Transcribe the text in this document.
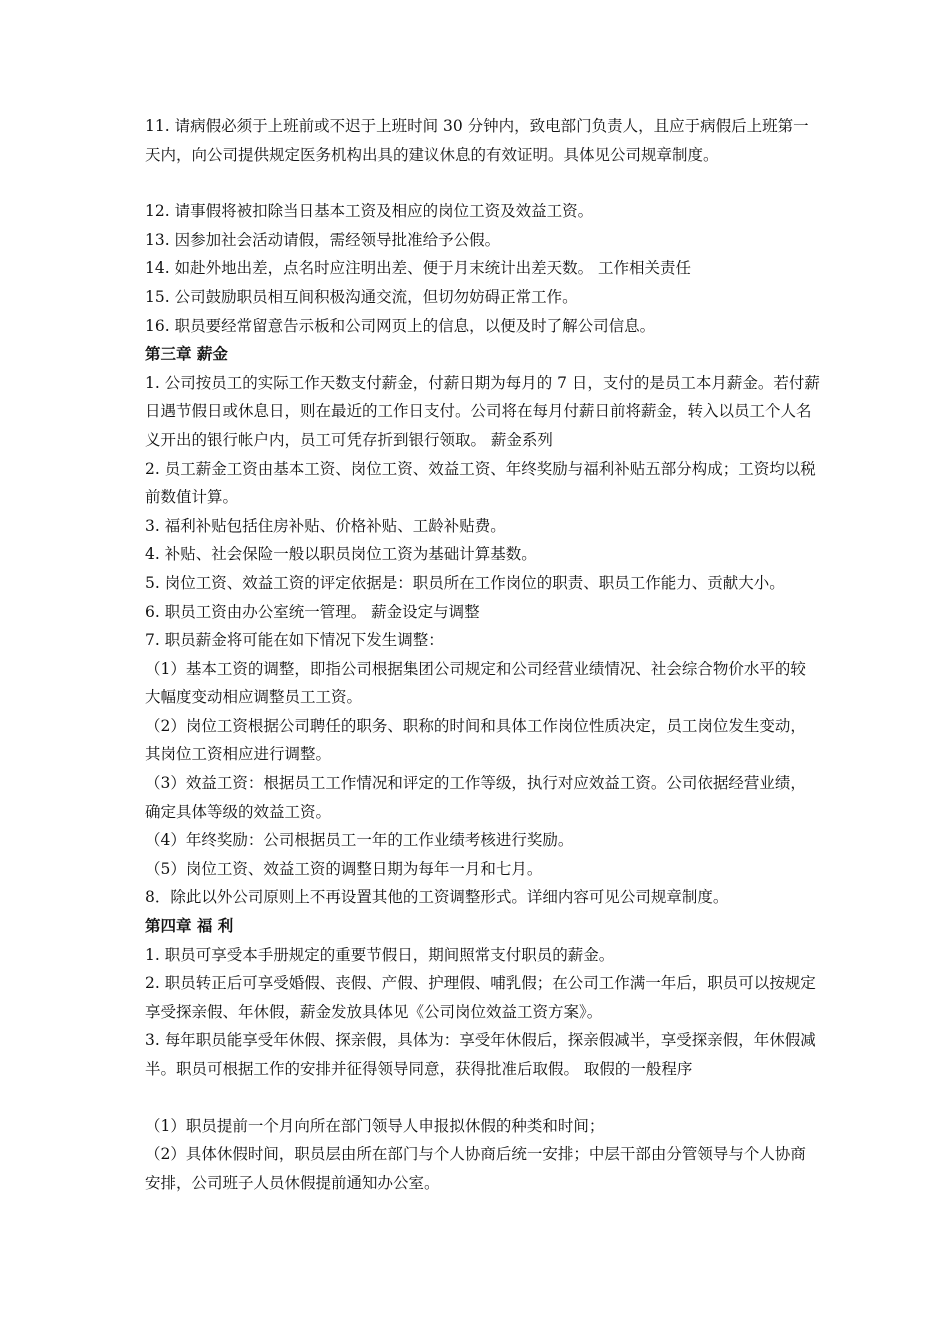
11. 请病假必须于上班前或不迟于上班时间 30 分钟内，致电部门负责人，且应于病假后上班第一天内，向公司提供规定医务机构出具的建议休息的有效证明。具体见公司规章制度。

12. 请事假将被扣除当日基本工资及相应的岗位工资及效益工资。

13. 因参加社会活动请假，需经领导批准给予公假。

14. 如赴外地出差，点名时应注明出差、便于月末统计出差天数。 工作相关责任

15. 公司鼓励职员相互间积极沟通交流，但切勿妨碍正常工作。

16. 职员要经常留意告示板和公司网页上的信息，以便及时了解公司信息。

第三章 薪金

1. 公司按员工的实际工作天数支付薪金，付薪日期为每月的 7 日，支付的是员工本月薪金。若付薪日遇节假日或休息日，则在最近的工作日支付。公司将在每月付薪日前将薪金，转入以员工个人名义开出的银行帐户内，员工可凭存折到银行领取。 薪金系列

2. 员工薪金工资由基本工资、岗位工资、效益工资、年终奖励与福利补贴五部分构成；工资均以税前数值计算。

3. 福利补贴包括住房补贴、价格补贴、工龄补贴费。

4. 补贴、社会保险一般以职员岗位工资为基础计算基数。

5. 岗位工资、效益工资的评定依据是：职员所在工作岗位的职责、职员工作能力、贡献大小。

6. 职员工资由办公室统一管理。 薪金设定与调整

7. 职员薪金将可能在如下情况下发生调整：

（1）基本工资的调整，即指公司根据集团公司规定和公司经营业绩情况、社会综合物价水平的较大幅度变动相应调整员工工资。

（2）岗位工资根据公司聘任的职务、职称的时间和具体工作岗位性质决定，员工岗位发生变动，其岗位工资相应进行调整。

（3）效益工资：根据员工工作情况和评定的工作等级，执行对应效益工资。公司依据经营业绩，确定具体等级的效益工资。

（4）年终奖励：公司根据员工一年的工作业绩考核进行奖励。

（5）岗位工资、效益工资的调整日期为每年一月和七月。

8．除此以外公司原则上不再设置其他的工资调整形式。详细内容可见公司规章制度。

第四章 福 利

1. 职员可享受本手册规定的重要节假日，期间照常支付职员的薪金。

2. 职员转正后可享受婚假、丧假、产假、护理假、哺乳假；在公司工作满一年后，职员可以按规定享受探亲假、年休假，薪金发放具体见《公司岗位效益工资方案》。

3. 每年职员能享受年休假、探亲假，具体为：享受年休假后，探亲假减半，享受探亲假，年休假减半。职员可根据工作的安排并征得领导同意，获得批准后取假。 取假的一般程序

（1）职员提前一个月向所在部门领导人申报拟休假的种类和时间；

（2）具体休假时间，职员层由所在部门与个人协商后统一安排；中层干部由分管领导与个人协商安排，公司班子人员休假提前通知办公室。
